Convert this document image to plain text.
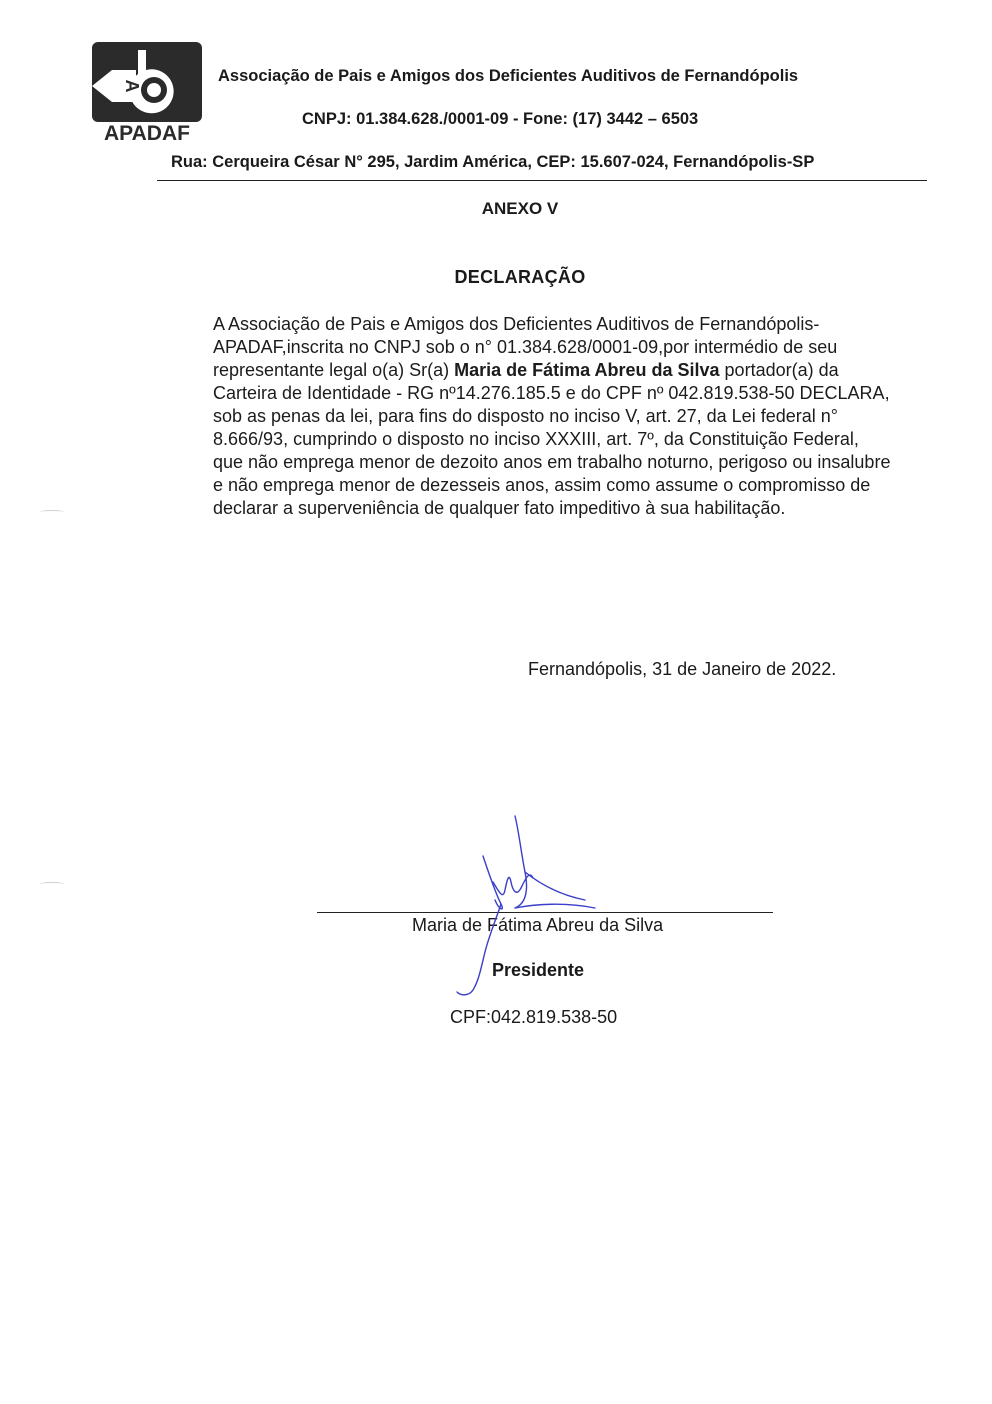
A
APADAF
Associação de Pais e Amigos dos Deficientes Auditivos de Fernandópolis
CNPJ: 01.384.628./0001-09 - Fone: (17) 3442 – 6503
Rua: Cerqueira César N° 295, Jardim América, CEP: 15.607-024, Fernandópolis-SP
ANEXO V
DECLARAÇÃO
A Associação de Pais e Amigos dos Deficientes Auditivos de Fernandópolis-APADAF,inscrita no CNPJ sob o n° 01.384.628/0001-09,por intermédio de seu representante legal o(a) Sr(a) Maria de Fátima Abreu da Silva portador(a) da Carteira de Identidade - RG nº14.276.185.5 e do CPF nº 042.819.538-50 DECLARA, sob as penas da lei, para fins do disposto no inciso V, art. 27, da Lei federal n° 8.666/93, cumprindo o disposto no inciso XXXIII, art. 7º, da Constituição Federal, que não emprega menor de dezoito anos em trabalho noturno, perigoso ou insalubre e não emprega menor de dezesseis anos, assim como assume o compromisso de declarar a superveniência de qualquer fato impeditivo à sua habilitação.
Fernandópolis, 31 de Janeiro de 2022.
Maria de Fátima Abreu da Silva
Presidente
CPF:042.819.538-50
